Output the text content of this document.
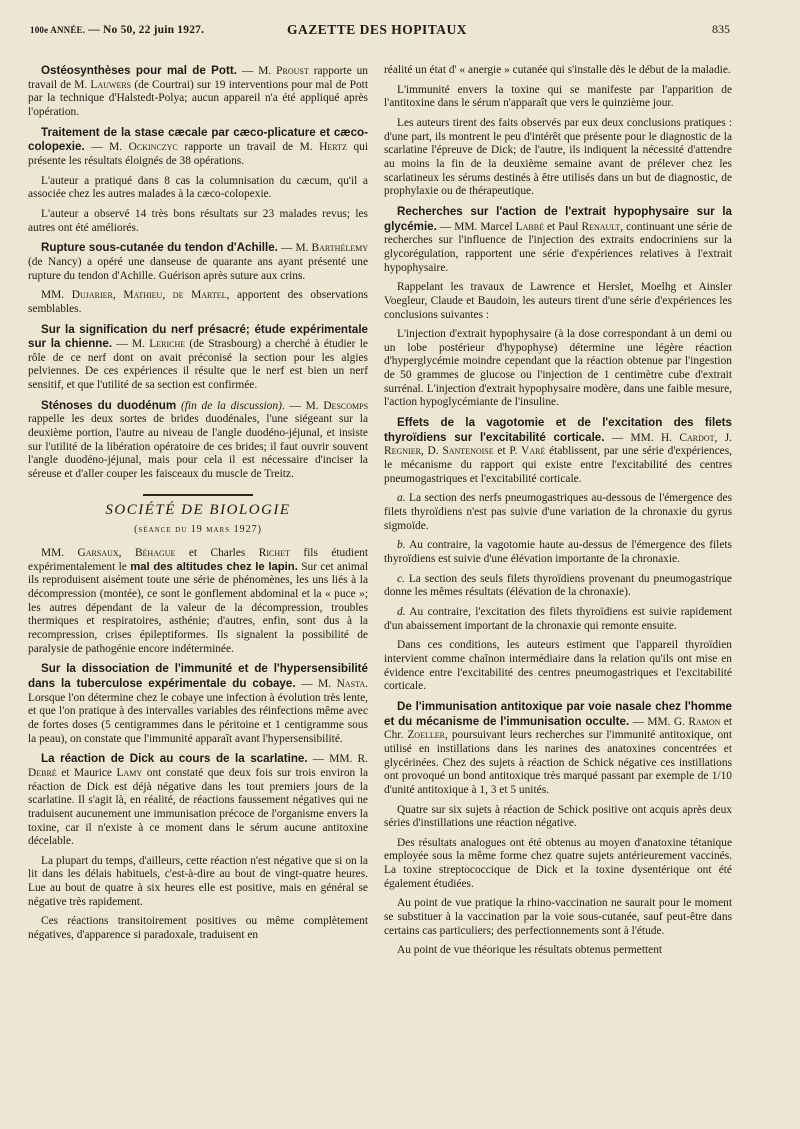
100e ANNÉE. — No 50, 22 juin 1927.	GAZETTE DES HOPITAUX	835

Ostéosynthèses pour mal de Pott. — M. Proust rapporte un travail de M. Lauwers (de Courtrai) sur 19 interventions pour mal de Pott par la technique d'Halstedt-Polya; aucun appareil n'a été appliqué après l'opération.

Traitement de la stase cæcale par cæco-plicature et cæco-colopexie. — M. Ockinczyc rapporte un travail de M. Hertz qui présente les résultats éloignés de 38 opérations.

L'auteur a pratiqué dans 8 cas la columnisation du cæcum, qu'il a associée chez les autres malades à la cæco-colopexie.

L'auteur a observé 14 très bons résultats sur 23 malades revus; les autres ont été améliorés.

Rupture sous-cutanée du tendon d'Achille. — M. Barthélemy (de Nancy) a opéré une danseuse de quarante ans ayant présenté une rupture du tendon d'Achille. Guérison après suture aux crins.

MM. Dujarier, Mathieu, de Martel, apportent des observations semblables.

Sur la signification du nerf présacré; étude expérimentale sur la chienne. — M. Leriche (de Strasbourg) a cherché à étudier le rôle de ce nerf dont on avait préconisé la section pour les algies pelviennes. De ces expériences il résulte que le nerf est bien un nerf sensitif, et que l'utilité de sa section est confirmée.

Sténoses du duodénum (fin de la discussion). — M. Descomps rappelle les deux sortes de brides duodénales, l'une siégeant sur la deuxième portion, l'autre au niveau de l'angle duodéno-jéjunal, et insiste sur l'utilité de la libération opératoire de ces brides; il faut ouvrir souvent l'angle duodéno-jéjunal, mais pour cela il est nécessaire d'inciser la séreuse et d'aller couper les faisceaux du muscle de Treitz.

SOCIÉTÉ DE BIOLOGIE
(séance du 19 mars 1927)

MM. Garsaux, Béhague et Charles Richet fils étudient expérimentalement le mal des altitudes chez le lapin. Sur cet animal ils reproduisent aisément toute une série de phénomènes, les uns liés à la décompression (montée), ce sont le gonflement abdominal et la « puce »; les autres dépendant de la valeur de la décompression, troubles thermiques et respiratoires, asthénie; d'autres, enfin, sont dus à la recompression, crises épileptiformes. Ils signalent la possibilité de paralysie de pathogénie encore indéterminée.

Sur la dissociation de l'immunité et de l'hypersensibilité dans la tuberculose expérimentale du cobaye. — M. Nasta. Lorsque l'on détermine chez le cobaye une infection à évolution très lente, et que l'on pratique à des intervalles variables des réinfections même avec de fortes doses (5 centigrammes dans le péritoine et 1 centigramme sous la peau), on constate que l'immunité apparaît avant l'hypersensibilité.

La réaction de Dick au cours de la scarlatine. — MM. R. Debré et Maurice Lamy ont constaté que deux fois sur trois environ la réaction de Dick est déjà négative dans les tout premiers jours de la scarlatine. Il s'agit là, en réalité, de réactions faussement négatives qui ne traduisent aucunement une immunisation précoce de l'organisme envers la toxine, car il n'existe à ce moment dans le sérum aucune antitoxine décelable.

La plupart du temps, d'ailleurs, cette réaction n'est négative que si on la lit dans les délais habituels, c'est-à-dire au bout de vingt-quatre heures. Lue au bout de quatre à six heures elle est positive, mais en général se négative très rapidement.

Ces réactions transitoirement positives ou même complètement négatives, d'apparence si paradoxale, traduisent en

réalité un état d' « anergie » cutanée qui s'installe dès le début de la maladie.

L'immunité envers la toxine qui se manifeste par l'apparition de l'antitoxine dans le sérum n'apparaît que vers le quinzième jour.

Les auteurs tirent des faits observés par eux deux conclusions pratiques : d'une part, ils montrent le peu d'intérêt que présente pour le diagnostic de la scarlatine l'épreuve de Dick; de l'autre, ils indiquent la nécessité d'attendre au moins la fin de la deuxième semaine avant de prélever chez les scarlatineux les sérums destinés à être utilisés dans un but de diagnostic, de prophylaxie ou de thérapeutique.

Recherches sur l'action de l'extrait hypophysaire sur la glycémie. — MM. Marcel Labbé et Paul Renault, continuant une série de recherches sur l'influence de l'injection des extraits endocriniens sur la glycorégulation, rapportent une série d'expériences relatives à l'extrait hypophysaire.

Rappelant les travaux de Lawrence et Herslet, Moelhg et Ainsler Voegleur, Claude et Baudoin, les auteurs tirent d'une série d'expériences les conclusions suivantes :

L'injection d'extrait hypophysaire (à la dose correspondant à un demi ou un lobe postérieur d'hypophyse) détermine une légère réaction d'hyperglycémie moindre cependant que la réaction obtenue par l'ingestion de 50 grammes de glucose ou l'injection de 1 centimètre cube d'extrait surrénal. L'injection d'extrait hypophysaire modère, dans une faible mesure, l'action hypoglycémiante de l'insuline.

Effets de la vagotomie et de l'excitation des filets thyroïdiens sur l'excitabilité corticale. — MM. H. Cardot, J. Regnier, D. Santenoise et P. Varé établissent, par une série d'expériences, le mécanisme du rapport qui existe entre l'excitabilité des centres pneumogastriques et l'excitabilité corticale.

a. La section des nerfs pneumogastriques au-dessous de l'émergence des filets thyroïdiens n'est pas suivie d'une variation de la chronaxie du gyrus sigmoïde.

b. Au contraire, la vagotomie haute au-dessus de l'émergence des filets thyroïdiens est suivie d'une élévation importante de la chronaxie.

c. La section des seuls filets thyroïdiens provenant du pneumogastrique donne les mêmes résultats (élévation de la chronaxie).

d. Au contraire, l'excitation des filets thyroïdiens est suivie rapidement d'un abaissement important de la chronaxie qui remonte ensuite.

Dans ces conditions, les auteurs estiment que l'appareil thyroïdien intervient comme chaînon intermédiaire dans la relation qu'ils ont mise en évidence entre l'excitabilité des centres pneumogastriques et l'excitabilité corticale.

De l'immunisation antitoxique par voie nasale chez l'homme et du mécanisme de l'immunisation occulte. — MM. G. Ramon et Chr. Zoeller, poursuivant leurs recherches sur l'immunité antitoxique, ont utilisé en instillations dans les narines des anatoxines concentrées et glycérinées. Chez des sujets à réaction de Schick négative ces instillations ont provoqué un bond antitoxique très marqué passant par exemple de 1/10 d'unité antitoxique à 1, 3 et 5 unités.

Quatre sur six sujets à réaction de Schick positive ont acquis après deux séries d'instillations une réaction négative.

Des résultats analogues ont été obtenus au moyen d'anatoxine tétanique employée sous la même forme chez quatre sujets antérieurement vaccinés. La toxine streptococcique de Dick et la toxine dysentérique ont été également étudiées.

Au point de vue pratique la rhino-vaccination ne saurait pour le moment se substituer à la vaccination par la voie sous-cutanée, sauf peut-être dans certains cas particuliers; des perfectionnements sont à l'étude.

Au point de vue théorique les résultats obtenus permettent
